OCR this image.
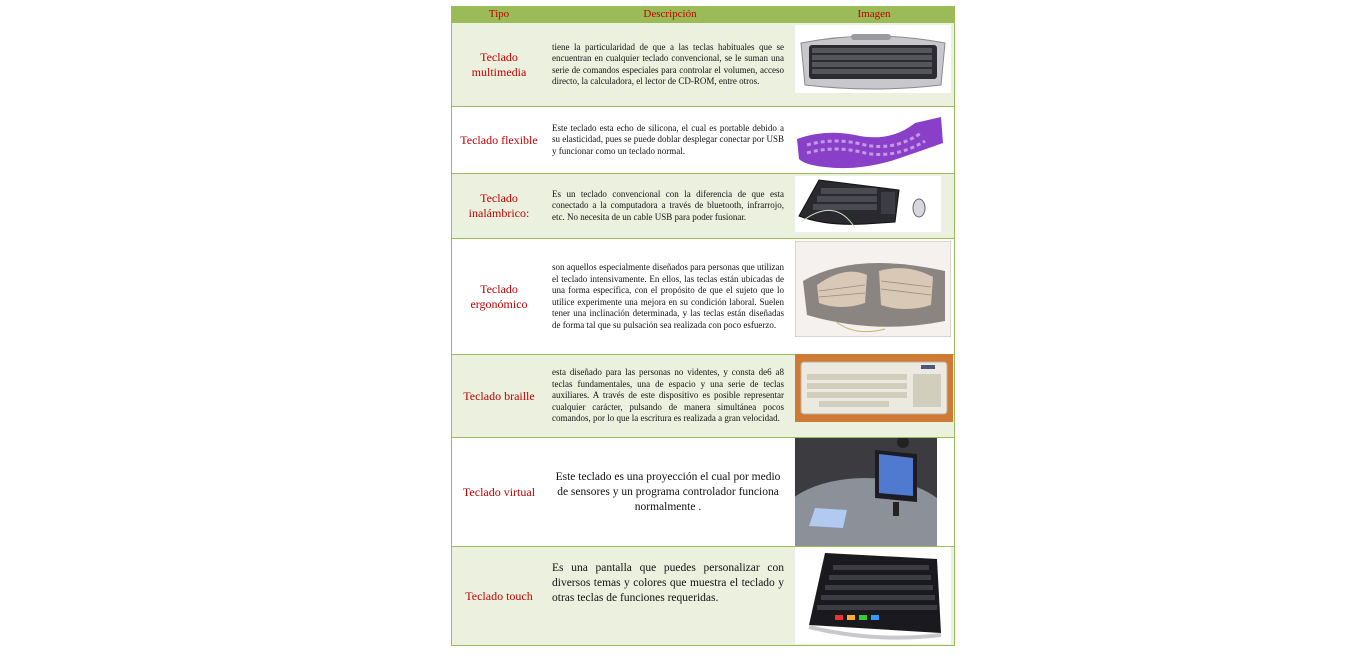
Tipo	Descripción	Imagen
Teclado multimedia
tiene la particularidad de que a las teclas habituales que se encuentran en cualquier teclado convencional, se le suman una serie de comandos especiales para controlar el volumen, acceso directo, la calculadora, el lector de CD-ROM, entre otros.
Teclado flexible
Este teclado esta echo de silicona, el cual es portable debido a su elasticidad, pues se puede doblar desplegar conectar por USB y funcionar como un teclado normal.
Teclado inalámbrico:
Es un teclado convencional con la diferencia de que esta conectado a la computadora a través de bluetooth, infrarrojo, etc. No necesita de un cable USB para poder fusionar.
Teclado ergonómico
son aquellos especialmente diseñados para personas que utilizan el teclado intensivamente. En ellos, las teclas están ubicadas de una forma específica, con el propósito de que el sujeto que lo utilice experimente una mejora en su condición laboral. Suelen tener una inclinación determinada, y las teclas están diseñadas de forma tal que su pulsación sea realizada con poco esfuerzo.
Teclado braille
esta diseñado para las personas no videntes, y consta de6 a8 teclas fundamentales, una de espacio y una serie de teclas auxiliares. A través de este dispositivo es posible representar cualquier carácter, pulsando de manera simultánea pocos comandos, por lo que la escritura es realizada a gran velocidad.
Teclado virtual
Este teclado es una proyección el cual por medio de sensores y un programa controlador funciona normalmente .
Teclado touch
Es una pantalla que puedes personalizar con diversos temas y colores que muestra el teclado y otras teclas de funciones requeridas.
